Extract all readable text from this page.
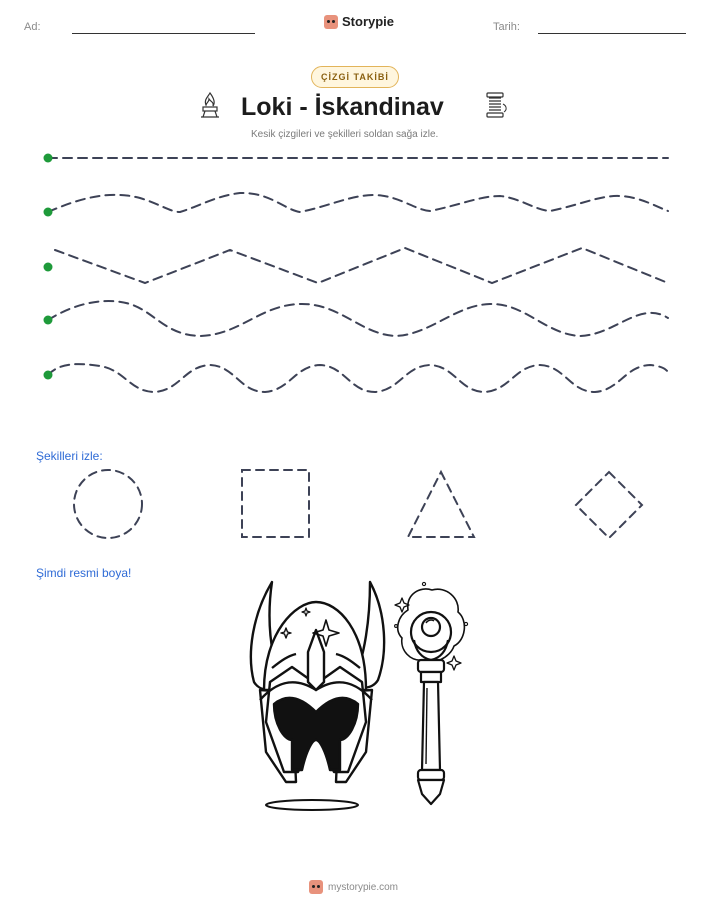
Ad:	Storypie	Tarih:
ÇİZGİ TAKİBİ
Loki - İskandinav
Kesik çizgileri ve şekilleri soldan sağa izle.
Şekilleri izle:
Şimdi resmi boya!
mystorypie.com
